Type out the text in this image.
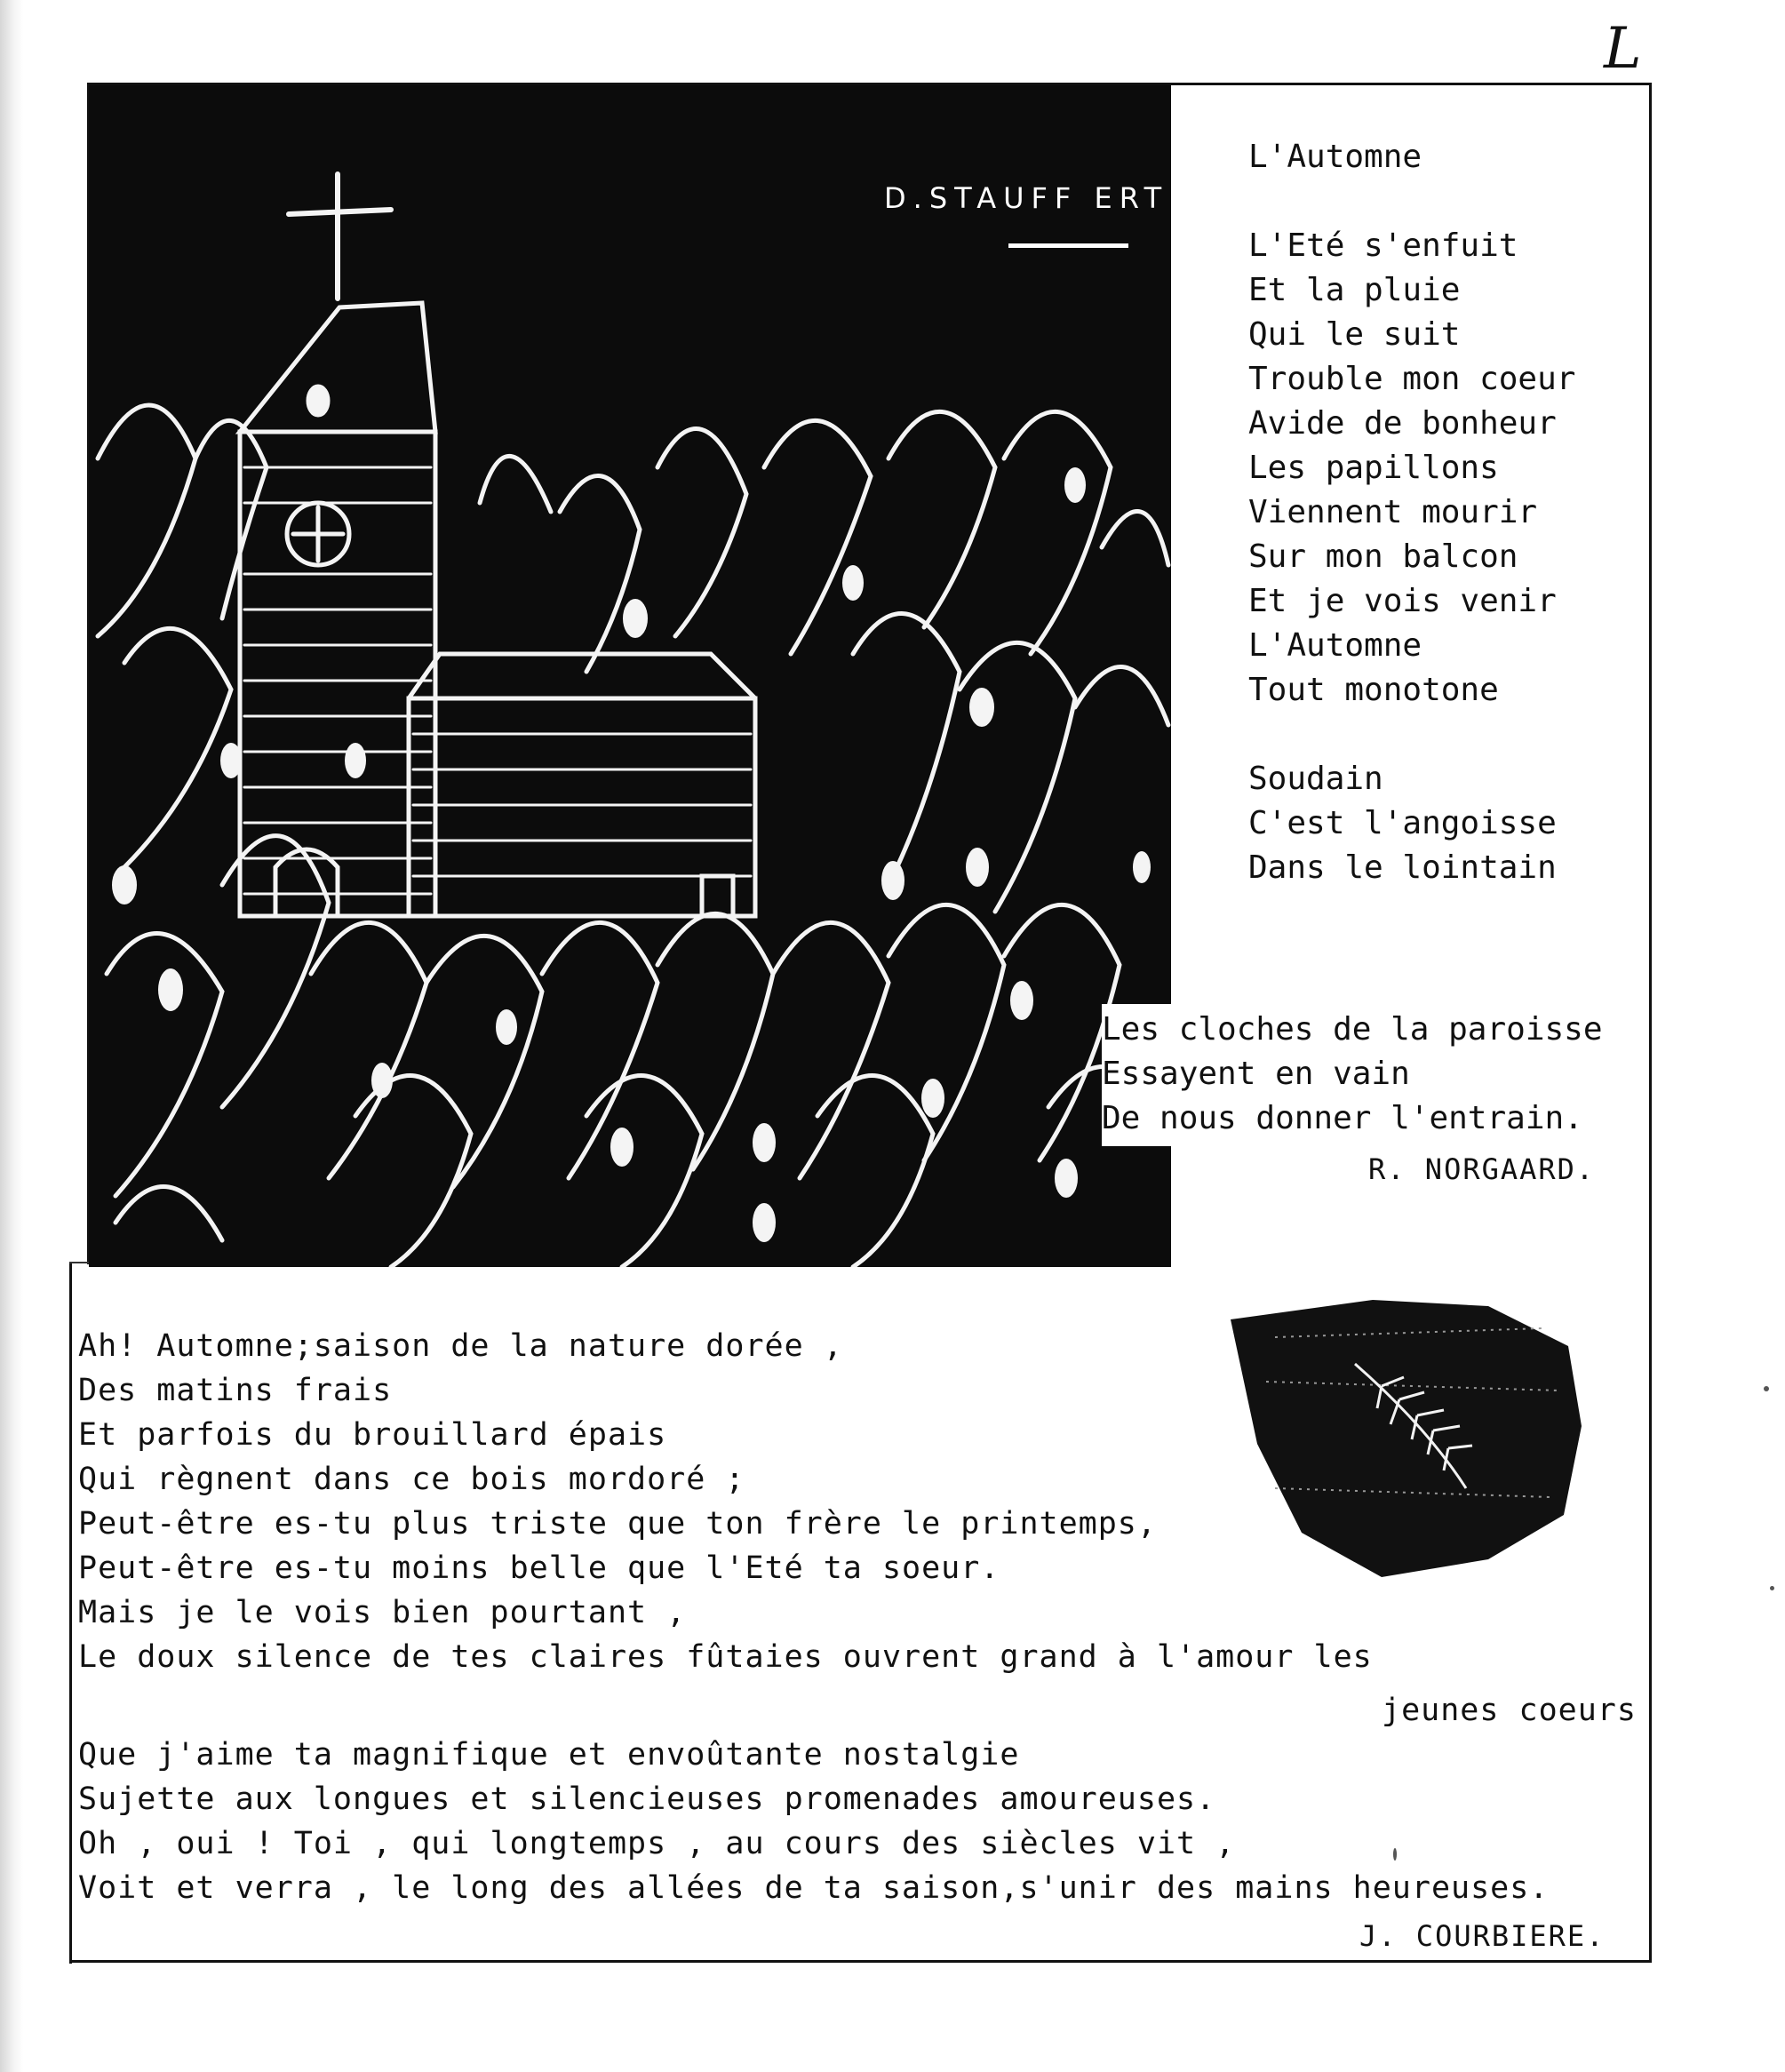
L
D.STAUFF ERT
L'Automne
L'Eté s'enfuit
Et la pluie
Qui le suit
Trouble mon coeur
Avide de bonheur
Les papillons
Viennent mourir
Sur mon balcon
Et je vois venir
L'Automne
Tout monotone
Soudain
C'est l'angoisse
Dans le lointain
Les cloches de la paroisse
Essayent en vain
De nous donner l'entrain.
R. NORGAARD.
Ah! Automne;saison de la nature dorée ,
Des matins frais
Et parfois du brouillard épais
Qui règnent dans ce bois mordoré ;
Peut-être es-tu plus triste que ton frère le printemps,
Peut-être es-tu moins belle que l'Eté ta soeur.
Mais je le vois bien pourtant ,
Le doux silence de tes claires fûtaies ouvrent grand à l'amour les
jeunes coeurs
Que j'aime ta magnifique et envoûtante nostalgie
Sujette aux longues et silencieuses promenades amoureuses.
Oh , oui ! Toi , qui longtemps , au cours des siècles vit ,
Voit et verra , le long des allées de ta saison,s'unir des mains heureuses.
J. COURBIERE.
